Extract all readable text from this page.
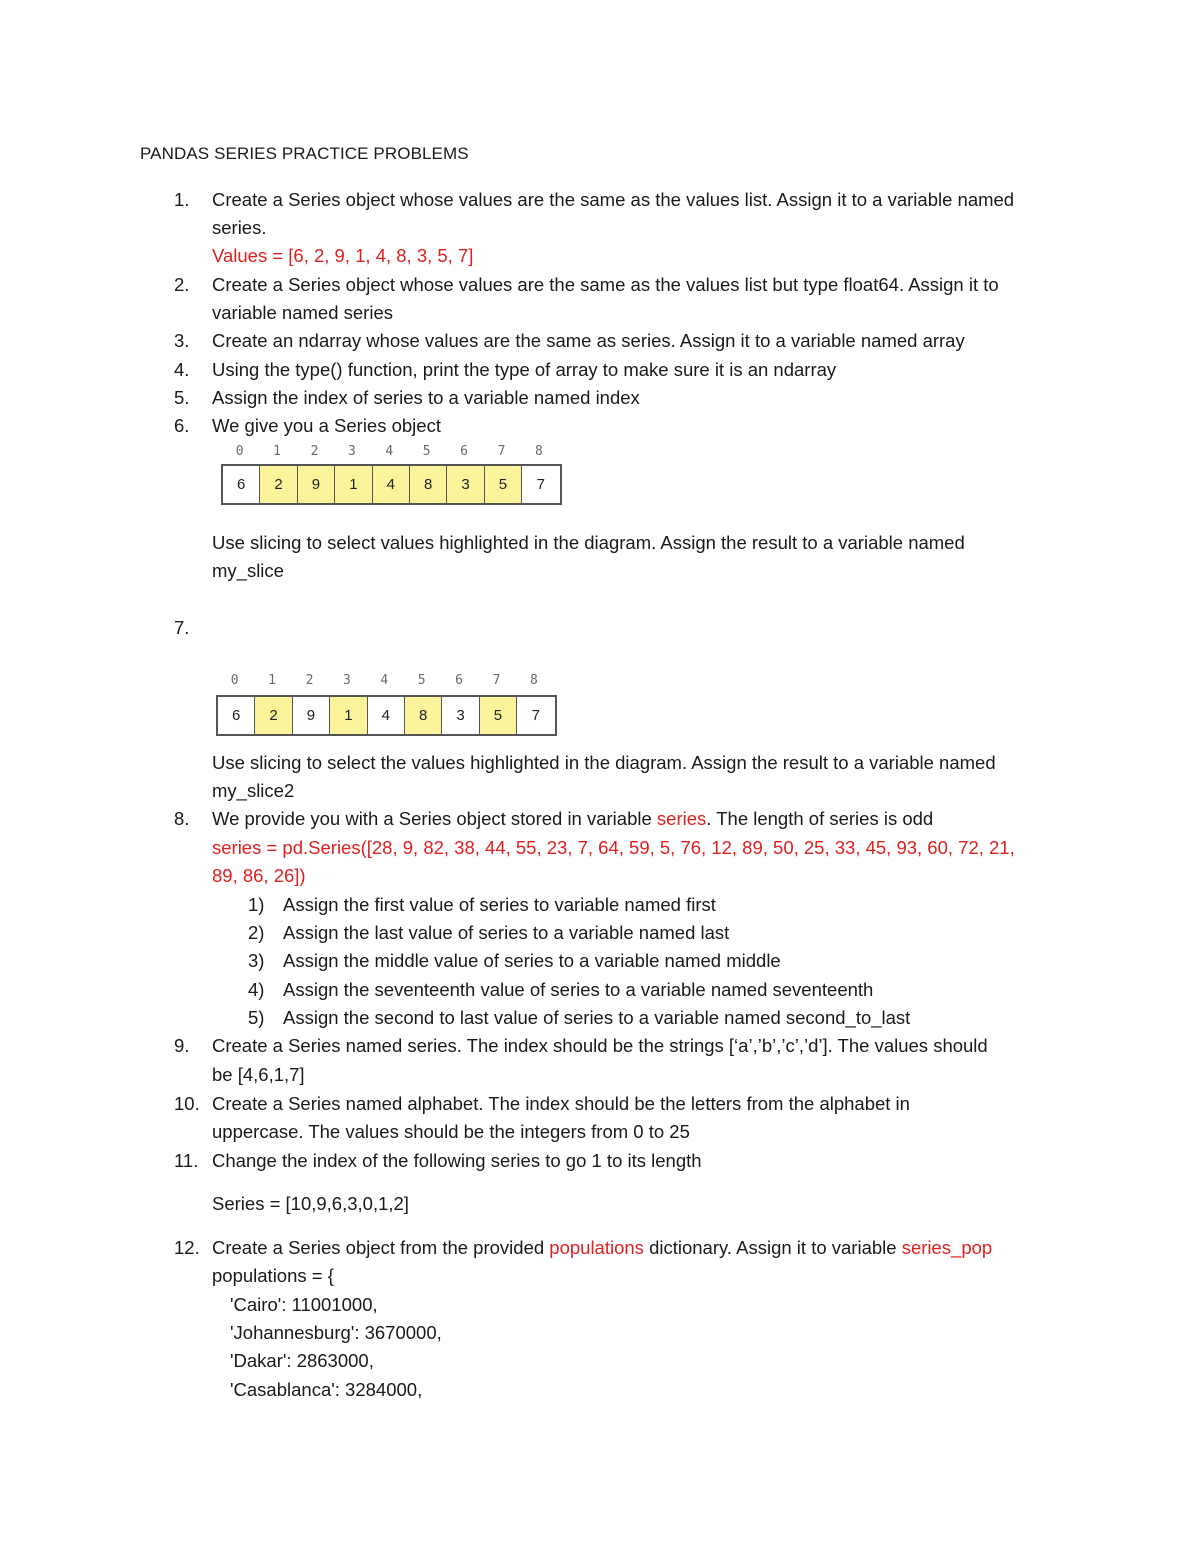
PANDAS SERIES PRACTICE PROBLEMS
1. Create a Series object whose values are the same as the values list. Assign it to a variable named
series.
Values = [6, 2, 9, 1, 4, 8, 3, 5, 7]
2. Create a Series object whose values are the same as the values list but type float64. Assign it to
variable named series
3. Create an ndarray whose values are the same as series. Assign it to a variable named array
4. Using the type() function, print the type of array to make sure it is an ndarray
5. Assign the index of series to a variable named index
6. We give you a Series object
0	1	2	3	4	5	6	7	8
6	2	9	1	4	8	3	5	7
Use slicing to select values highlighted in the diagram. Assign the result to a variable named
my_slice
7.
0	1	2	3	4	5	6	7	8
6	2	9	1	4	8	3	5	7
Use slicing to select the values highlighted in the diagram. Assign the result to a variable named
my_slice2
8. We provide you with a Series object stored in variable series. The length of series is odd
series = pd.Series([28, 9, 82, 38, 44, 55, 23, 7, 64, 59, 5, 76, 12, 89, 50, 25, 33, 45, 93, 60, 72, 21,
89, 86, 26])
1) Assign the first value of series to variable named first
2) Assign the last value of series to a variable named last
3) Assign the middle value of series to a variable named middle
4) Assign the seventeenth value of series to a variable named seventeenth
5) Assign the second to last value of series to a variable named second_to_last
9. Create a Series named series. The index should be the strings [‘a’,’b’,’c’,’d’]. The values should
be [4,6,1,7]
10. Create a Series named alphabet. The index should be the letters from the alphabet in
uppercase. The values should be the integers from 0 to 25
11. Change the index of the following series to go 1 to its length
Series = [10,9,6,3,0,1,2]
12. Create a Series object from the provided populations dictionary. Assign it to variable series_pop
populations = {
'Cairo': 11001000,
'Johannesburg': 3670000,
'Dakar': 2863000,
'Casablanca': 3284000,
